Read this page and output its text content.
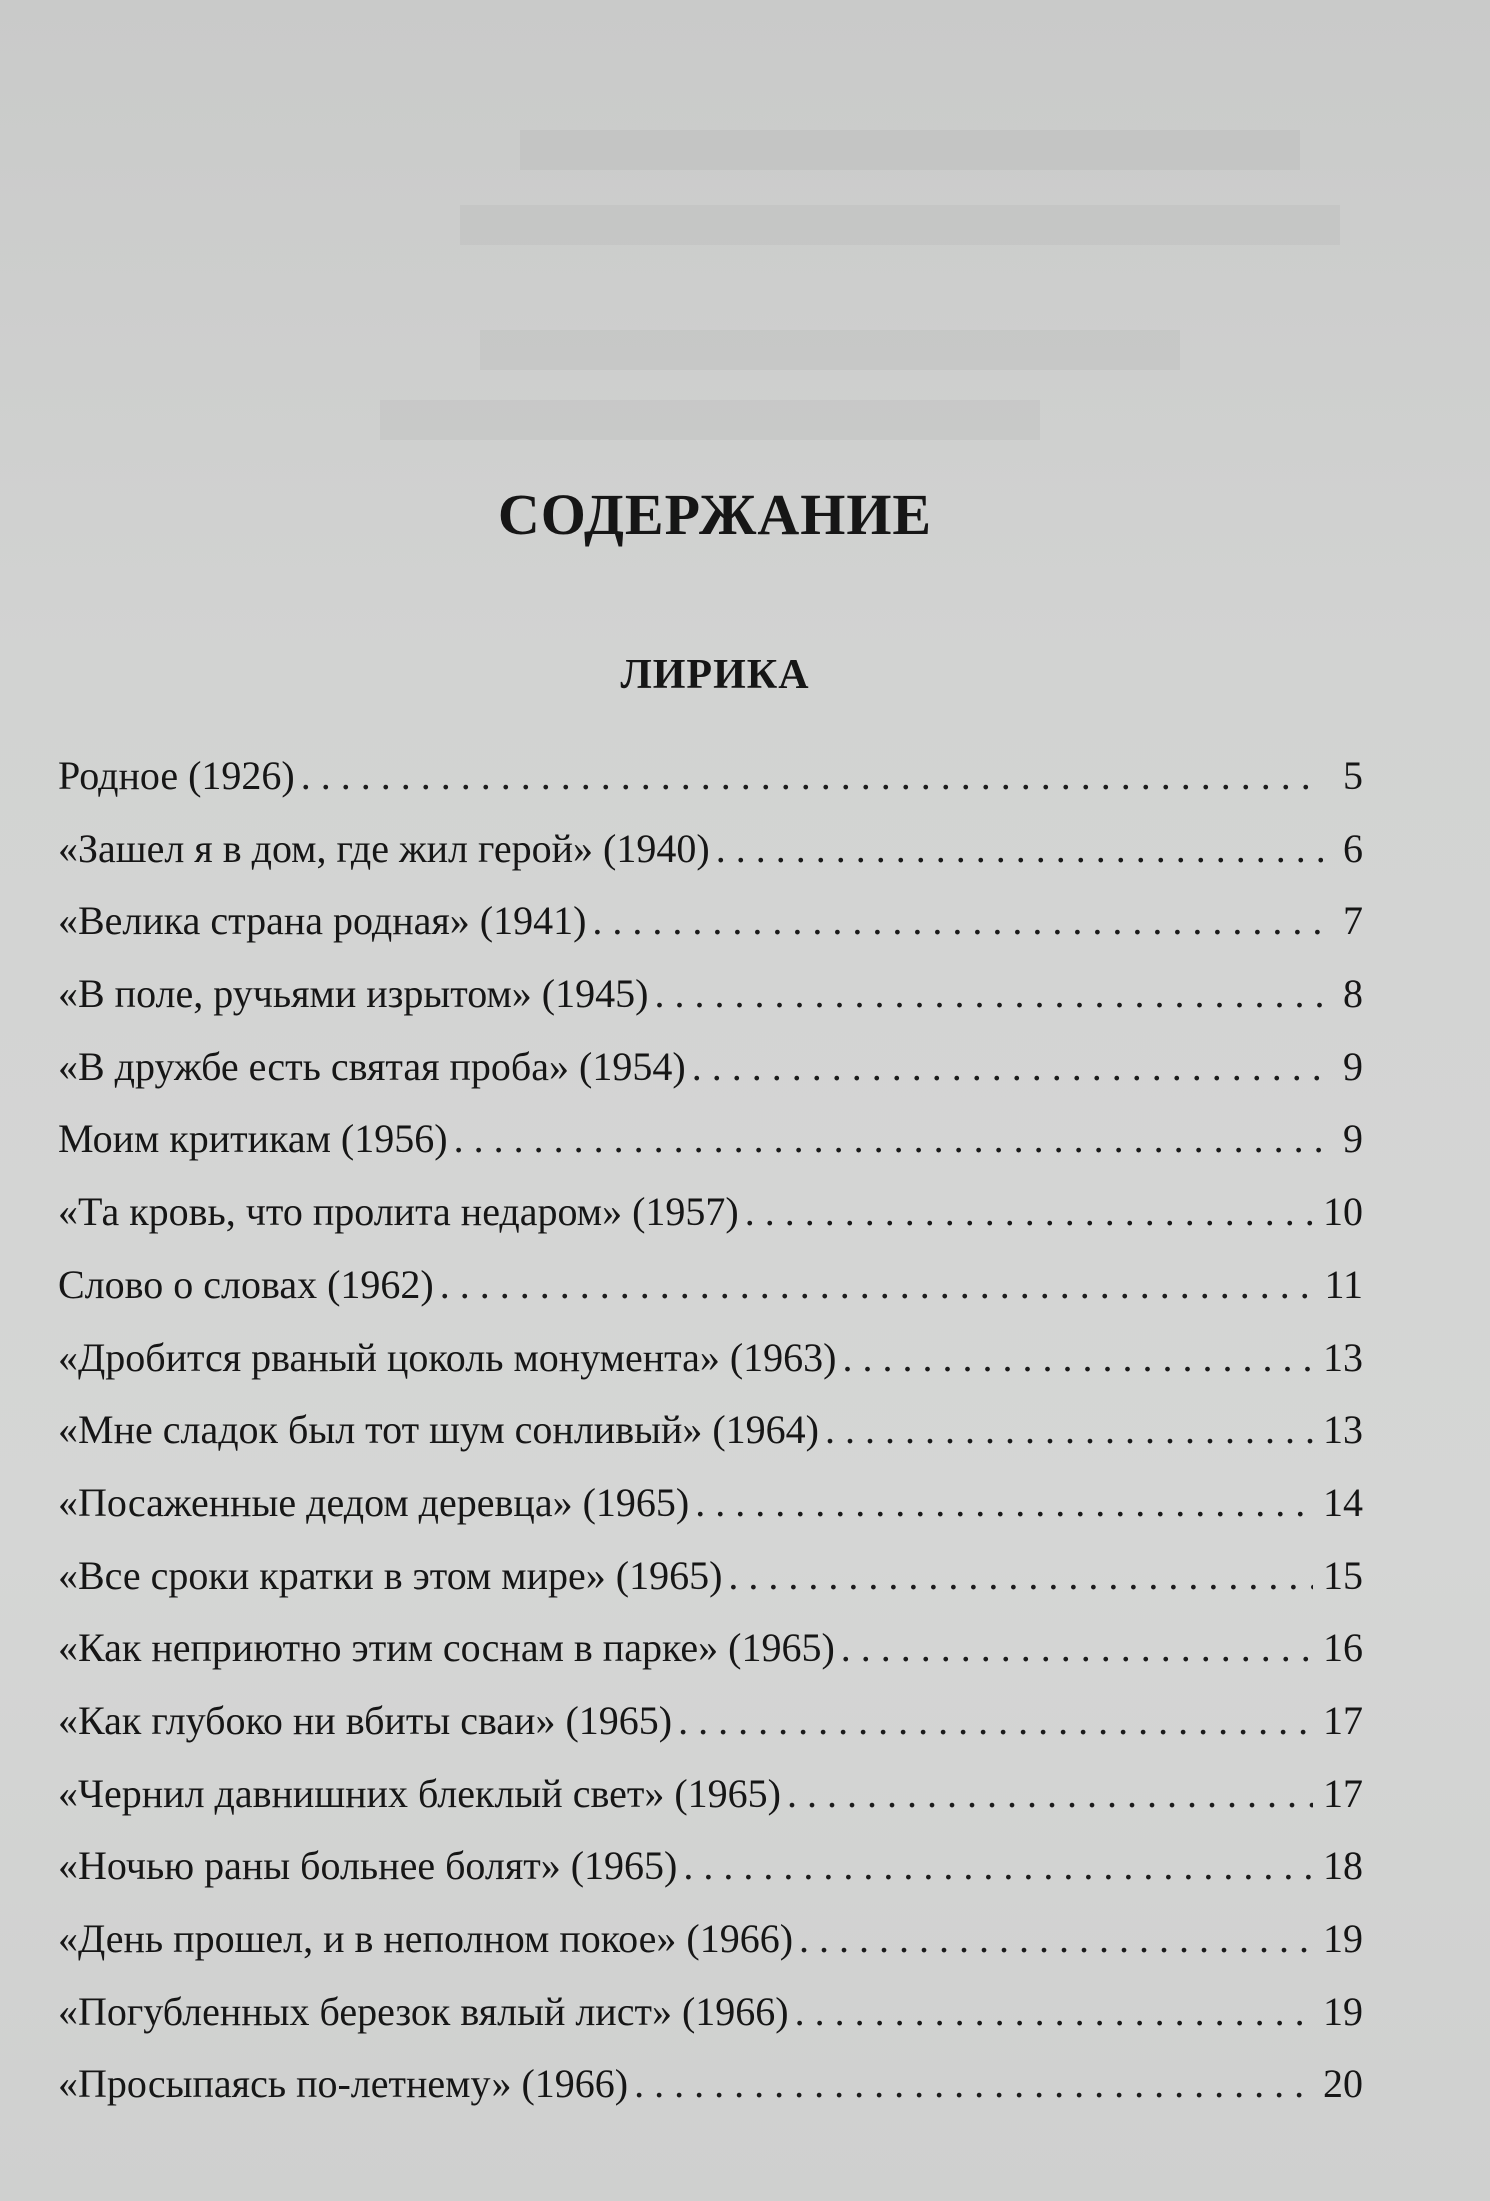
СОДЕРЖАНИЕ
ЛИРИКА
Родное (1926) . . .	5
«Зашел я в дом, где жил герой» (1940) . . .	6
«Велика страна родная» (1941) . . .	7
«В поле, ручьями изрытом» (1945) . . .	8
«В дружбе есть святая проба» (1954) . . .	9
Моим критикам (1956) . . .	9
«Та кровь, что пролита недаром» (1957) . . .	10
Слово о словах (1962) . . .	11
«Дробится рваный цоколь монумента» (1963) . . .	13
«Мне сладок был тот шум сонливый» (1964) . . .	13
«Посаженные дедом деревца» (1965) . . .	14
«Все сроки кратки в этом мире» (1965) . . .	15
«Как неприютно этим соснам в парке» (1965) . . .	16
«Как глубоко ни вбиты сваи» (1965) . . .	17
«Чернил давнишних блеклый свет» (1965) . . .	17
«Ночью раны больнее болят» (1965) . . .	18
«День прошел, и в неполном покое» (1966) . . .	19
«Погубленных березок вялый лист» (1966) . . .	19
«Просыпаясь по-летнему» (1966) . . .	20
